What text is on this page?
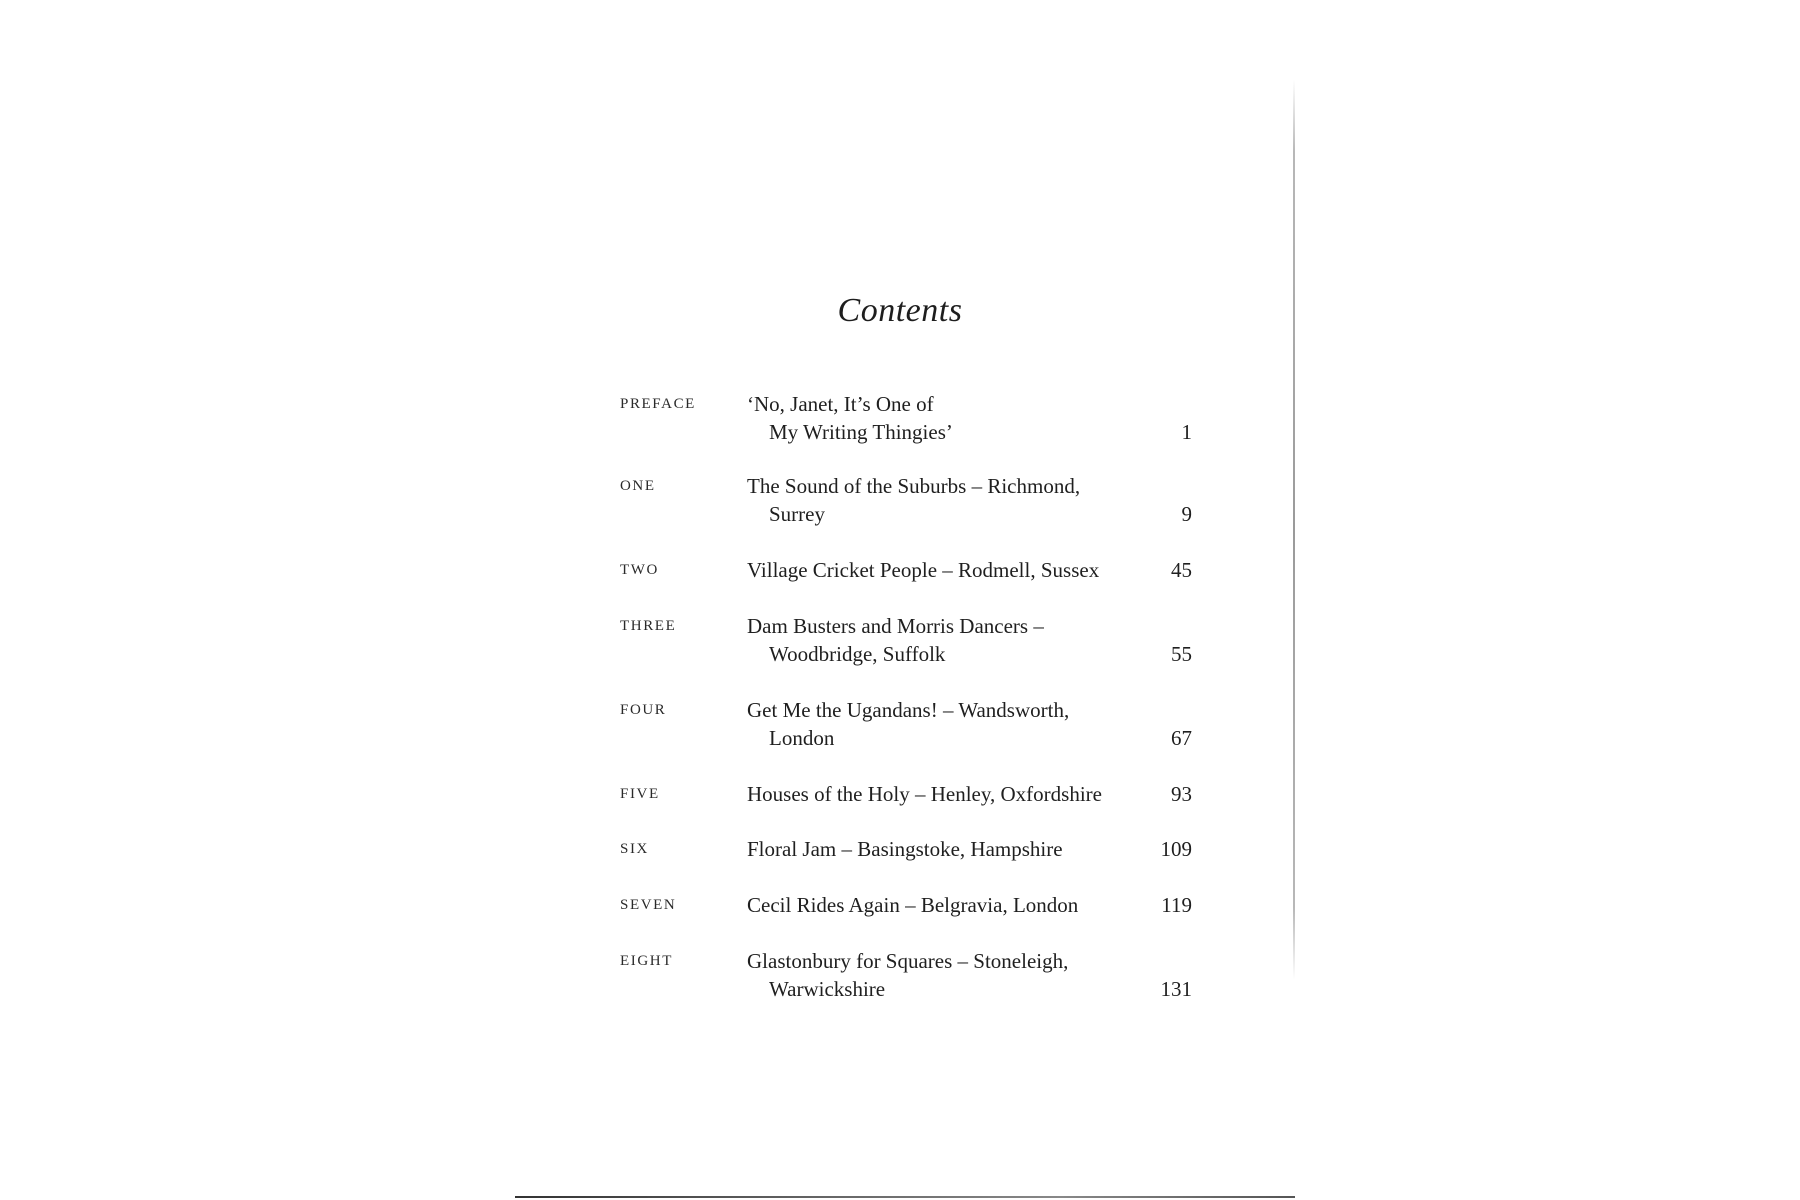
Contents
PREFACE ‘No, Janet, It’s One of
My Writing Thingies’	1
ONE	The Sound of the Suburbs – Richmond,
Surrey	9
TWO	Village Cricket People – Rodmell, Sussex	45
THREE	Dam Busters and Morris Dancers –
Woodbridge, Suffolk	55
FOUR	Get Me the Ugandans! – Wandsworth,
London	67
FIVE	Houses of the Holy – Henley, Oxfordshire	93
SIX	Floral Jam – Basingstoke, Hampshire	109
SEVEN	Cecil Rides Again – Belgravia, London	119
EIGHT	Glastonbury for Squares – Stoneleigh,
Warwickshire	131
